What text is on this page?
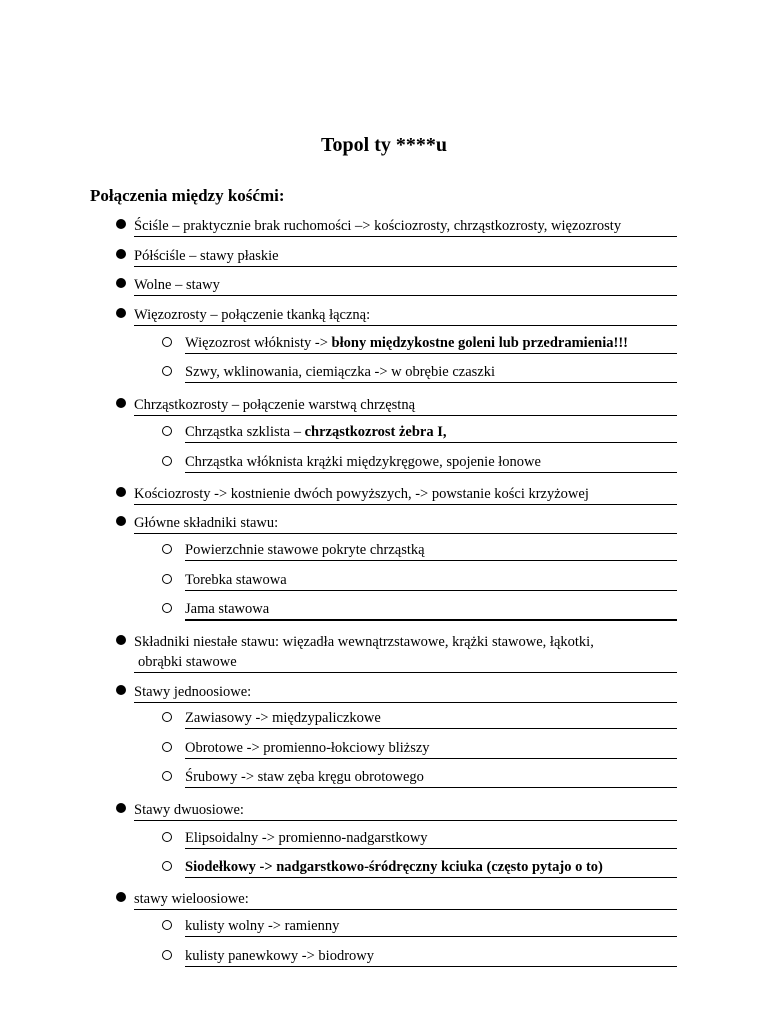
Topol ty ****u
Połączenia między kośćmi:
Ściśle – praktycznie brak ruchomości –> kościozrosty, chrząstkozrosty, więzozrosty
Półściśle – stawy płaskie
Wolne – stawy
Więzozrosty – połączenie tkanką łączną:
Więzozrost włóknisty -> błony międzykostne goleni lub przedramienia!!!
Szwy, wklinowania, ciemiączka -> w obrębie czaszki
Chrząstkozrosty – połączenie warstwą chrzęstną
Chrząstka szklista – chrząstkozrost żebra I,
Chrząstka włóknista krążki międzykręgowe, spojenie łonowe
Kościozrosty -> kostnienie dwóch powyższych, -> powstanie kości krzyżowej
Główne składniki stawu:
Powierzchnie stawowe pokryte chrząstką
Torebka stawowa
Jama stawowa
Składniki niestałe stawu: więzadła wewnątrzstawowe, krążki stawowe, łąkotki,
obrąbki stawowe
Stawy jednoosiowe:
Zawiasowy -> międzypaliczkowe
Obrotowe -> promienno-łokciowy bliższy
Śrubowy -> staw zęba kręgu obrotowego
Stawy dwuosiowe:
Elipsoidalny -> promienno-nadgarstkowy
Siodełkowy -> nadgarstkowo-śródręczny kciuka (często pytajo o to)
stawy wieloosiowe:
kulisty wolny -> ramienny
kulisty panewkowy -> biodrowy
